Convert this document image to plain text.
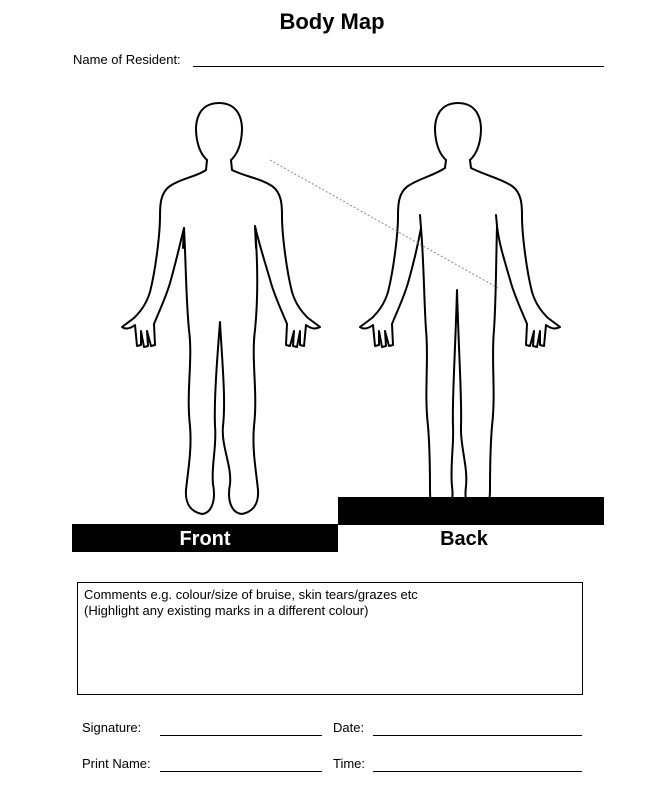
Body Map
Name of Resident:
Front	Back
Comments e.g. colour/size of bruise, skin tears/grazes etc
(Highlight any existing marks in a different colour)
Signature:	Date:
Print Name:	Time:
